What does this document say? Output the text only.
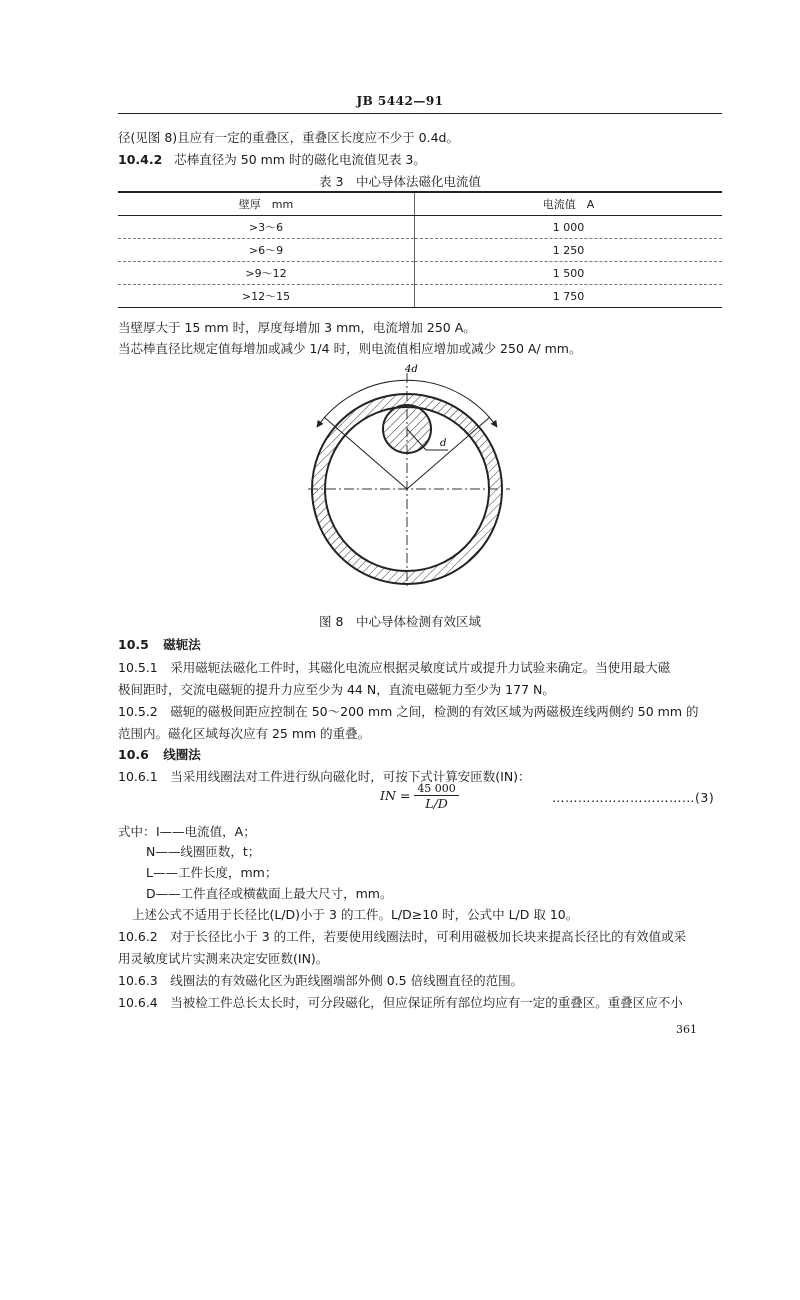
JB 5442—91
径(见图 8)且应有一定的重叠区，重叠区长度应不少于 0.4d。
10.4.2 芯棒直径为 50 mm 时的磁化电流值见表 3。
表 3　中心导体法磁化电流值
壁厚　mm	电流值　A
>3～6	1 000
>6～9	1 250
>9～12	1 500
>12～15	1 750
当壁厚大于 15 mm 时，厚度每增加 3 mm，电流增加 250 A。
当芯棒直径比规定值每增加或减少 1/4 时，则电流值相应增加或减少 250 A/ mm。
4d
d
图 8　中心导体检测有效区域
10.5 磁轭法
10.5.1　采用磁轭法磁化工件时，其磁化电流应根据灵敏度试片或提升力试验来确定。当使用最大磁
极间距时，交流电磁轭的提升力应至少为 44 N，直流电磁轭力至少为 177 N。
10.5.2　磁轭的磁极间距应控制在 50～200 mm 之间，检测的有效区域为两磁极连线两侧约 50 mm 的
范围内。磁化区域每次应有 25 mm 的重叠。
10.6 线圈法
10.6.1　当采用线圈法对工件进行纵向磁化时，可按下式计算安匝数(IN)：
IN = $\frac{45 000}{L/D}$	……………………………(3)
式中： I——电流值，A；
N——线圈匝数，t；
L——工件长度，mm；
D——工件直径或横截面上最大尺寸，mm。
上述公式不适用于长径比(L/D)小于 3 的工件。L/D≥10 时，公式中 L/D 取 10。
10.6.2　对于长径比小于 3 的工件，若要使用线圈法时，可利用磁极加长块来提高长径比的有效值或采
用灵敏度试片实测来决定安匝数(IN)。
10.6.3　线圈法的有效磁化区为距线圈端部外侧 0.5 倍线圈直径的范围。
10.6.4　当被检工件总长太长时，可分段磁化，但应保证所有部位均应有一定的重叠区。重叠区应不小
361
